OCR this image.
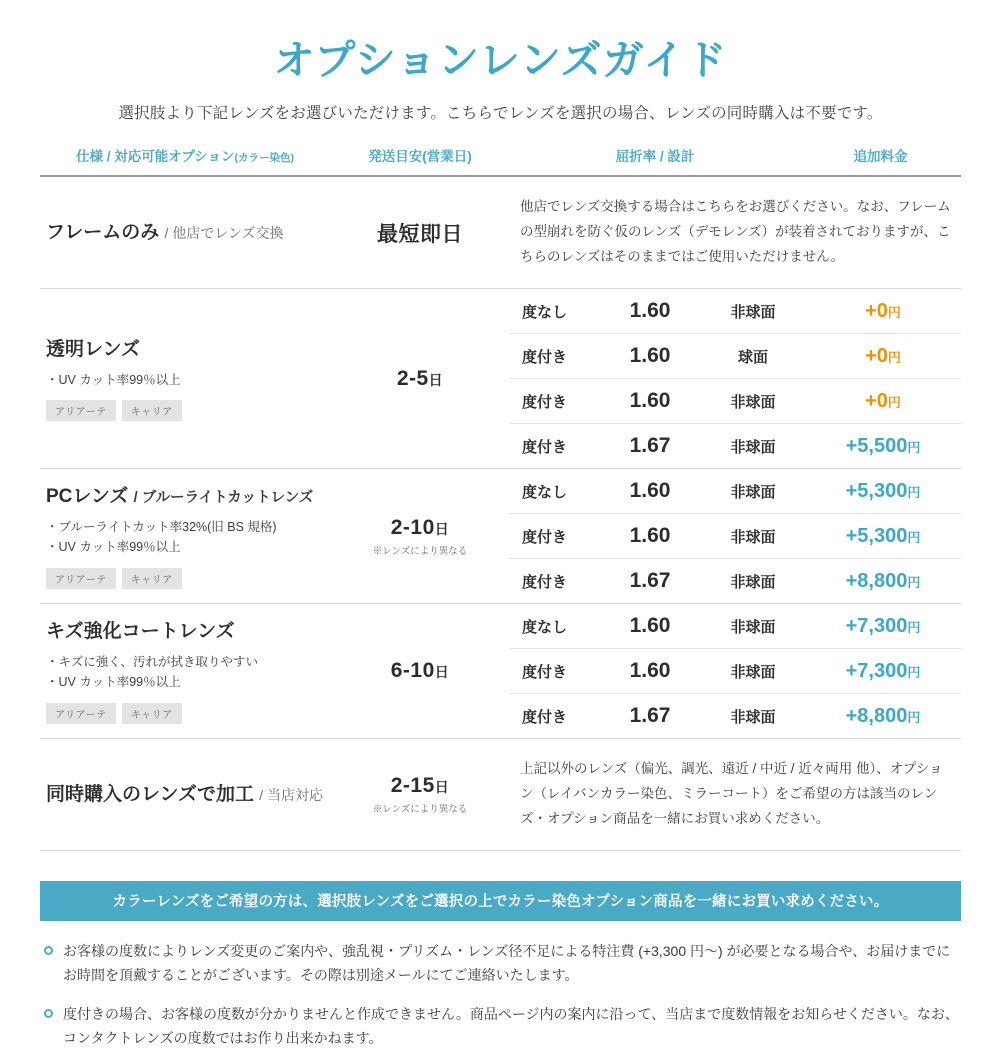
オプションレンズガイド
選択肢より下記レンズをお選びいただけます。こちらでレンズを選択の場合、レンズの同時購入は不要です。
仕様 / 対応可能オプション(カラー染色)	発送目安(営業日)	屈折率 / 設計	追加料金
フレームのみ / 他店でレンズ交換	最短即日
他店でレンズ交換する場合はこちらをお選びください。なお、フレームの型崩れを防ぐ仮のレンズ（デモレンズ）が装着されておりますが、こちらのレンズはそのままではご使用いただけません。
透明レンズ
・UV カット率99％以上
アリアーテ	キャリア
2-5日
度なし	1.60	非球面	+0円
度付き	1.60	球面	+0円
度付き	1.60	非球面	+0円
度付き	1.67	非球面	+5,500円
PCレンズ / ブルーライトカットレンズ
・ブルーライトカット率32%(旧 BS 規格)
・UV カット率99％以上
アリアーテ	キャリア
2-10日
※レンズにより異なる
度なし	1.60	非球面	+5,300円
度付き	1.60	非球面	+5,300円
度付き	1.67	非球面	+8,800円
キズ強化コートレンズ
・キズに強く、汚れが拭き取りやすい
・UV カット率99％以上
アリアーテ	キャリア
6-10日
度なし	1.60	非球面	+7,300円
度付き	1.60	非球面	+7,300円
度付き	1.67	非球面	+8,800円
同時購入のレンズで加工 / 当店対応	2-15日
※レンズにより異なる
上記以外のレンズ（偏光、調光、遠近 / 中近 / 近々両用 他）、オプション（レイバンカラー染色、ミラーコート）をご希望の方は該当のレンズ・オプション商品を一緒にお買い求めください。
カラーレンズをご希望の方は、選択肢レンズをご選択の上でカラー染色オプション商品を一緒にお買い求めください。
お客様の度数によりレンズ変更のご案内や、強乱視・プリズム・レンズ径不足による特注費 (+3,300 円～) が必要となる場合や、お届けまでにお時間を頂戴することがございます。その際は別途メールにてご連絡いたします。
度付きの場合、お客様の度数が分かりませんと作成できません。商品ページ内の案内に沿って、当店まで度数情報をお知らせください。なお、コンタクトレンズの度数ではお作り出来かねます。
